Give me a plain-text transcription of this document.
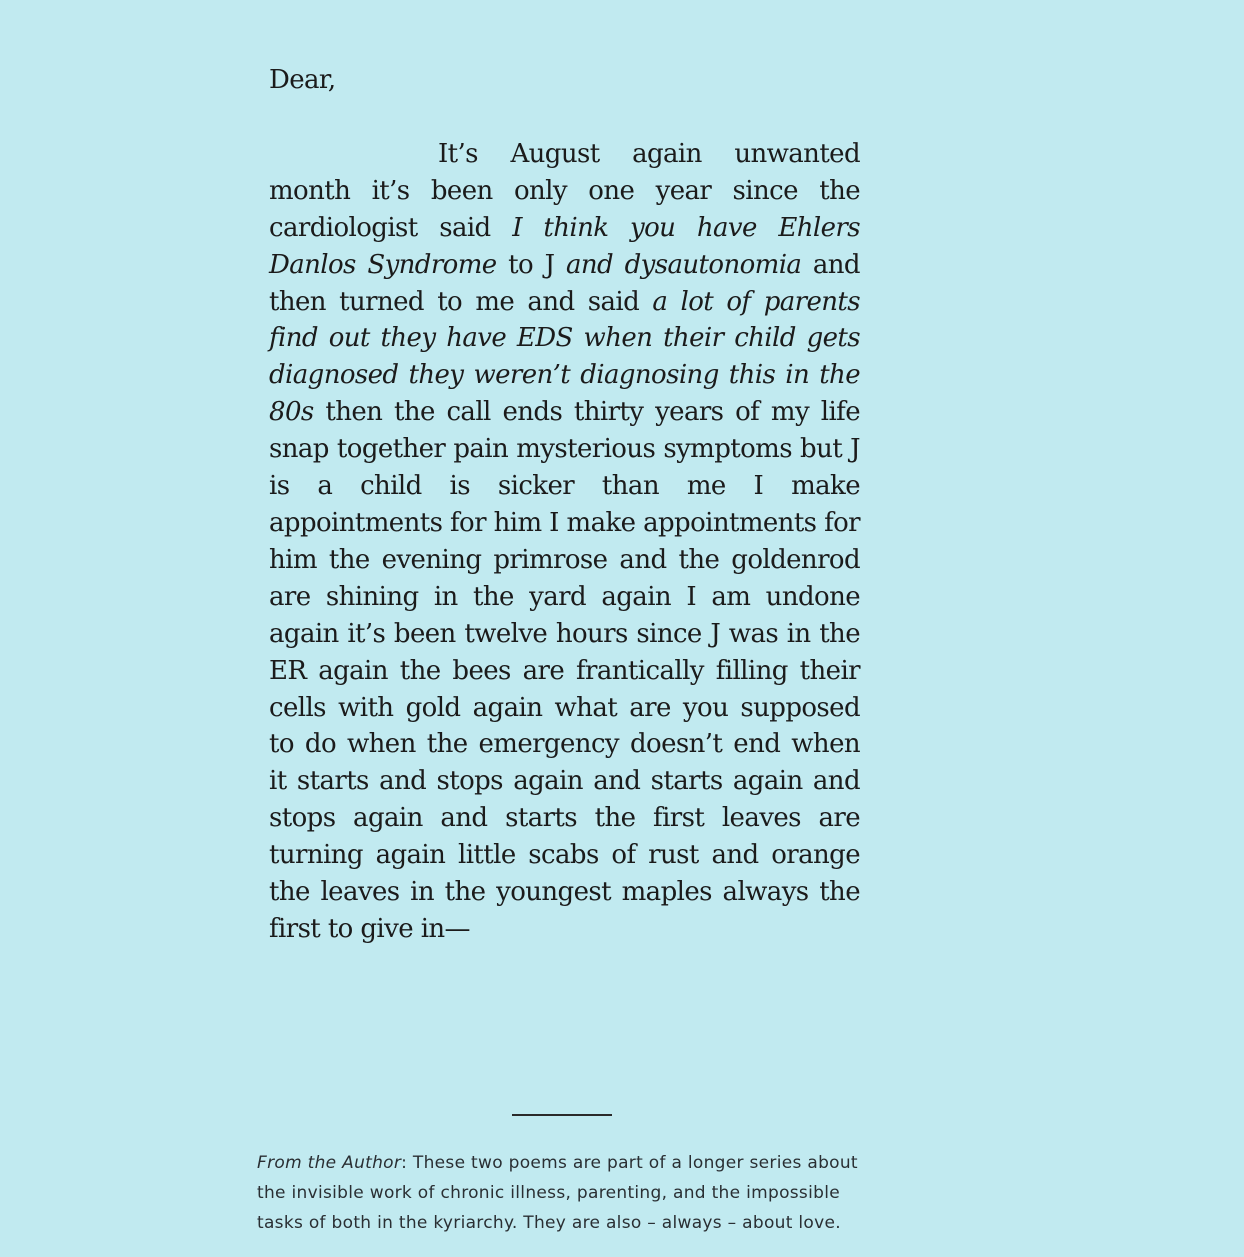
Dear,

It’s August again unwanted month it’s been only one year since the cardiologist said I think you have Ehlers Danlos Syndrome to J and dysautonomia and then turned to me and said a lot of parents find out they have EDS when their child gets diagnosed they weren’t diagnosing this in the 80s then the call ends thirty years of my life snap together pain mysterious symptoms but J is a child is sicker than me I make appointments for him I make appointments for him the evening primrose and the goldenrod are shining in the yard again I am undone again it’s been twelve hours since J was in the ER again the bees are frantically filling their cells with gold again what are you supposed to do when the emergency doesn’t end when it starts and stops again and starts again and stops again and starts the first leaves are turning again little scabs of rust and orange the leaves in the youngest maples always the first to give in—

From the Author: These two poems are part of a longer series about the invisible work of chronic illness, parenting, and the impossible tasks of both in the kyriarchy. They are also – always – about love.
